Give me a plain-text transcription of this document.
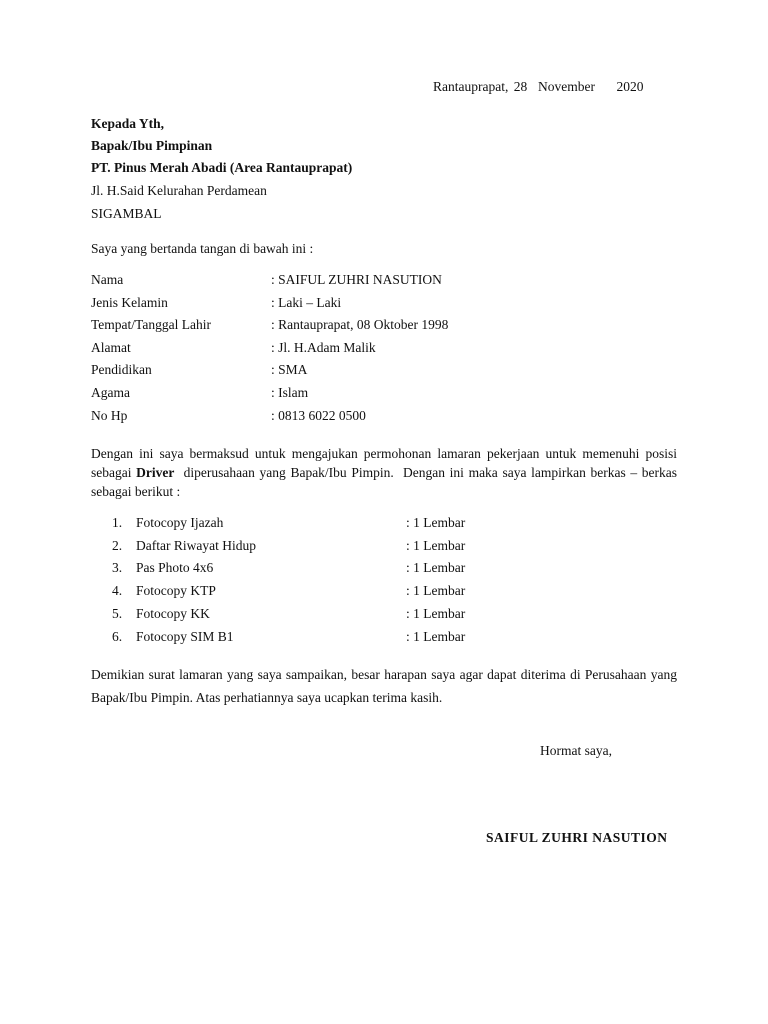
Rantauprapat, 28  November    2020
Kepada Yth,
Bapak/Ibu Pimpinan
PT. Pinus Merah Abadi (Area Rantauprapat)
Jl. H.Said Kelurahan Perdamean
SIGAMBAL
Saya yang bertanda tangan di bawah ini :
Nama	: SAIFUL ZUHRI NASUTION
Jenis Kelamin	: Laki – Laki
Tempat/Tanggal Lahir	: Rantauprapat, 08 Oktober 1998
Alamat	: Jl. H.Adam Malik
Pendidikan	: SMA
Agama	: Islam
No Hp	: 0813 6022 0500
Dengan ini saya bermaksud untuk mengajukan permohonan lamaran pekerjaan untuk memenuhi posisi sebagai Driver  diperusahaan yang Bapak/Ibu Pimpin.  Dengan ini maka saya lampirkan berkas – berkas sebagai berikut :
1. Fotocopy Ijazah	: 1 Lembar
2. Daftar Riwayat Hidup	: 1 Lembar
3. Pas Photo 4x6	: 1 Lembar
4. Fotocopy KTP	: 1 Lembar
5. Fotocopy KK	: 1 Lembar
6. Fotocopy SIM B1	: 1 Lembar
Demikian surat lamaran yang saya sampaikan, besar harapan saya agar dapat diterima di Perusahaan yang Bapak/Ibu Pimpin. Atas perhatiannya saya ucapkan terima kasih.
Hormat saya,
SAIFUL ZUHRI NASUTION
